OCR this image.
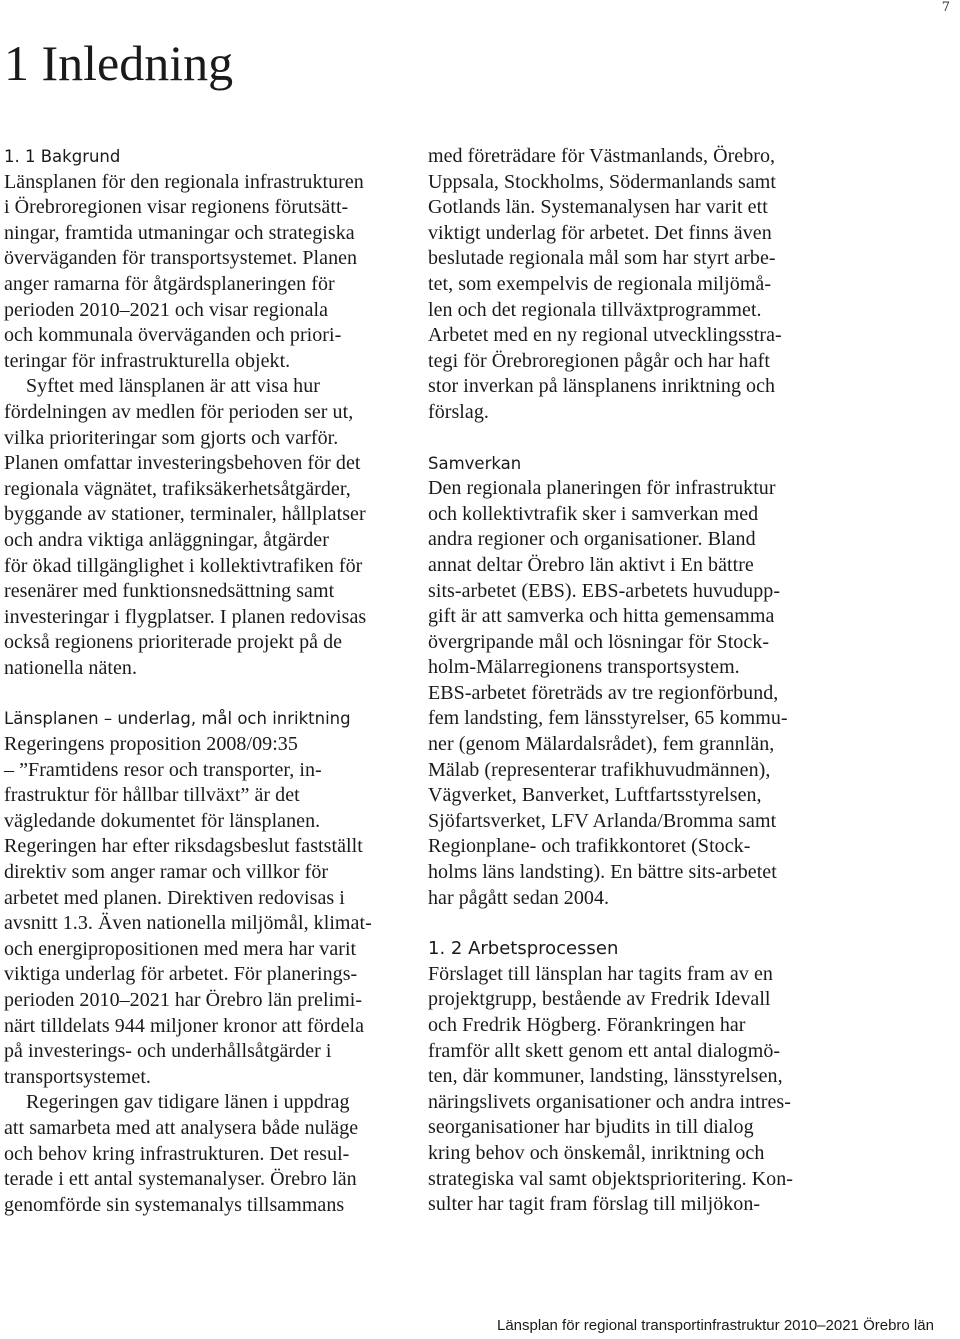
7
1 Inledning
1. 1 Bakgrund
Länsplanen för den regionala infrastrukturen
i Örebroregionen visar regionens förutsätt-
ningar, framtida utmaningar och strategiska
överväganden för transportsystemet. Planen
anger ramarna för åtgärdsplaneringen för
perioden 2010–2021 och visar regionala
och kommunala överväganden och priori-
teringar för infrastrukturella objekt.
Syftet med länsplanen är att visa hur
fördelningen av medlen för perioden ser ut,
vilka prioriteringar som gjorts och varför.
Planen omfattar investeringsbehoven för det
regionala vägnätet, trafiksäkerhetsåtgärder,
byggande av stationer, terminaler, hållplatser
och andra viktiga anläggningar, åtgärder
för ökad tillgänglighet i kollektivtrafiken för
resenärer med funktionsnedsättning samt
investeringar i flygplatser. I planen redovisas
också regionens prioriterade projekt på de
nationella näten.
Länsplanen – underlag, mål och inriktning
Regeringens proposition 2008/09:35
– ”Framtidens resor och transporter, in-
frastruktur för hållbar tillväxt” är det
vägledande dokumentet för länsplanen.
Regeringen har efter riksdagsbeslut fastställt
direktiv som anger ramar och villkor för
arbetet med planen. Direktiven redovisas i
avsnitt 1.3. Även nationella miljömål, klimat-
och energipropositionen med mera har varit
viktiga underlag för arbetet. För planerings-
perioden 2010–2021 har Örebro län prelimi-
närt tilldelats 944 miljoner kronor att fördela
på investerings- och underhållsåtgärder i
transportsystemet.
Regeringen gav tidigare länen i uppdrag
att samarbeta med att analysera både nuläge
och behov kring infrastrukturen. Det resul-
terade i ett antal systemanalyser. Örebro län
genomförde sin systemanalys tillsammans
med företrädare för Västmanlands, Örebro,
Uppsala, Stockholms, Södermanlands samt
Gotlands län. Systemanalysen har varit ett
viktigt underlag för arbetet. Det finns även
beslutade regionala mål som har styrt arbe-
tet, som exempelvis de regionala miljömå-
len och det regionala tillväxtprogrammet.
Arbetet med en ny regional utvecklingsstra-
tegi för Örebroregionen pågår och har haft
stor inverkan på länsplanens inriktning och
förslag.
Samverkan
Den regionala planeringen för infrastruktur
och kollektivtrafik sker i samverkan med
andra regioner och organisationer. Bland
annat deltar Örebro län aktivt i En bättre
sits-arbetet (EBS). EBS-arbetets huvudupp-
gift är att samverka och hitta gemensamma
övergripande mål och lösningar för Stock-
holm-Mälarregionens transportsystem.
EBS-arbetet företräds av tre regionförbund,
fem landsting, fem länsstyrelser, 65 kommu-
ner (genom Mälardalsrådet), fem grannlän,
Mälab (representerar trafikhuvudmännen),
Vägverket, Banverket, Luftfartsstyrelsen,
Sjöfartsverket, LFV Arlanda/Bromma samt
Regionplane- och trafikkontoret (Stock-
holms läns landsting). En bättre sits-arbetet
har pågått sedan 2004.
1. 2 Arbetsprocessen
Förslaget till länsplan har tagits fram av en
projektgrupp, bestående av Fredrik Idevall
och Fredrik Högberg. Förankringen har
framför allt skett genom ett antal dialogmö-
ten, där kommuner, landsting, länsstyrelsen,
näringslivets organisationer och andra intres-
seorganisationer har bjudits in till dialog
kring behov och önskemål, inriktning och
strategiska val samt objektsprioritering. Kon-
sulter har tagit fram förslag till miljökon-
Länsplan för regional transportinfrastruktur 2010–2021 Örebro län
